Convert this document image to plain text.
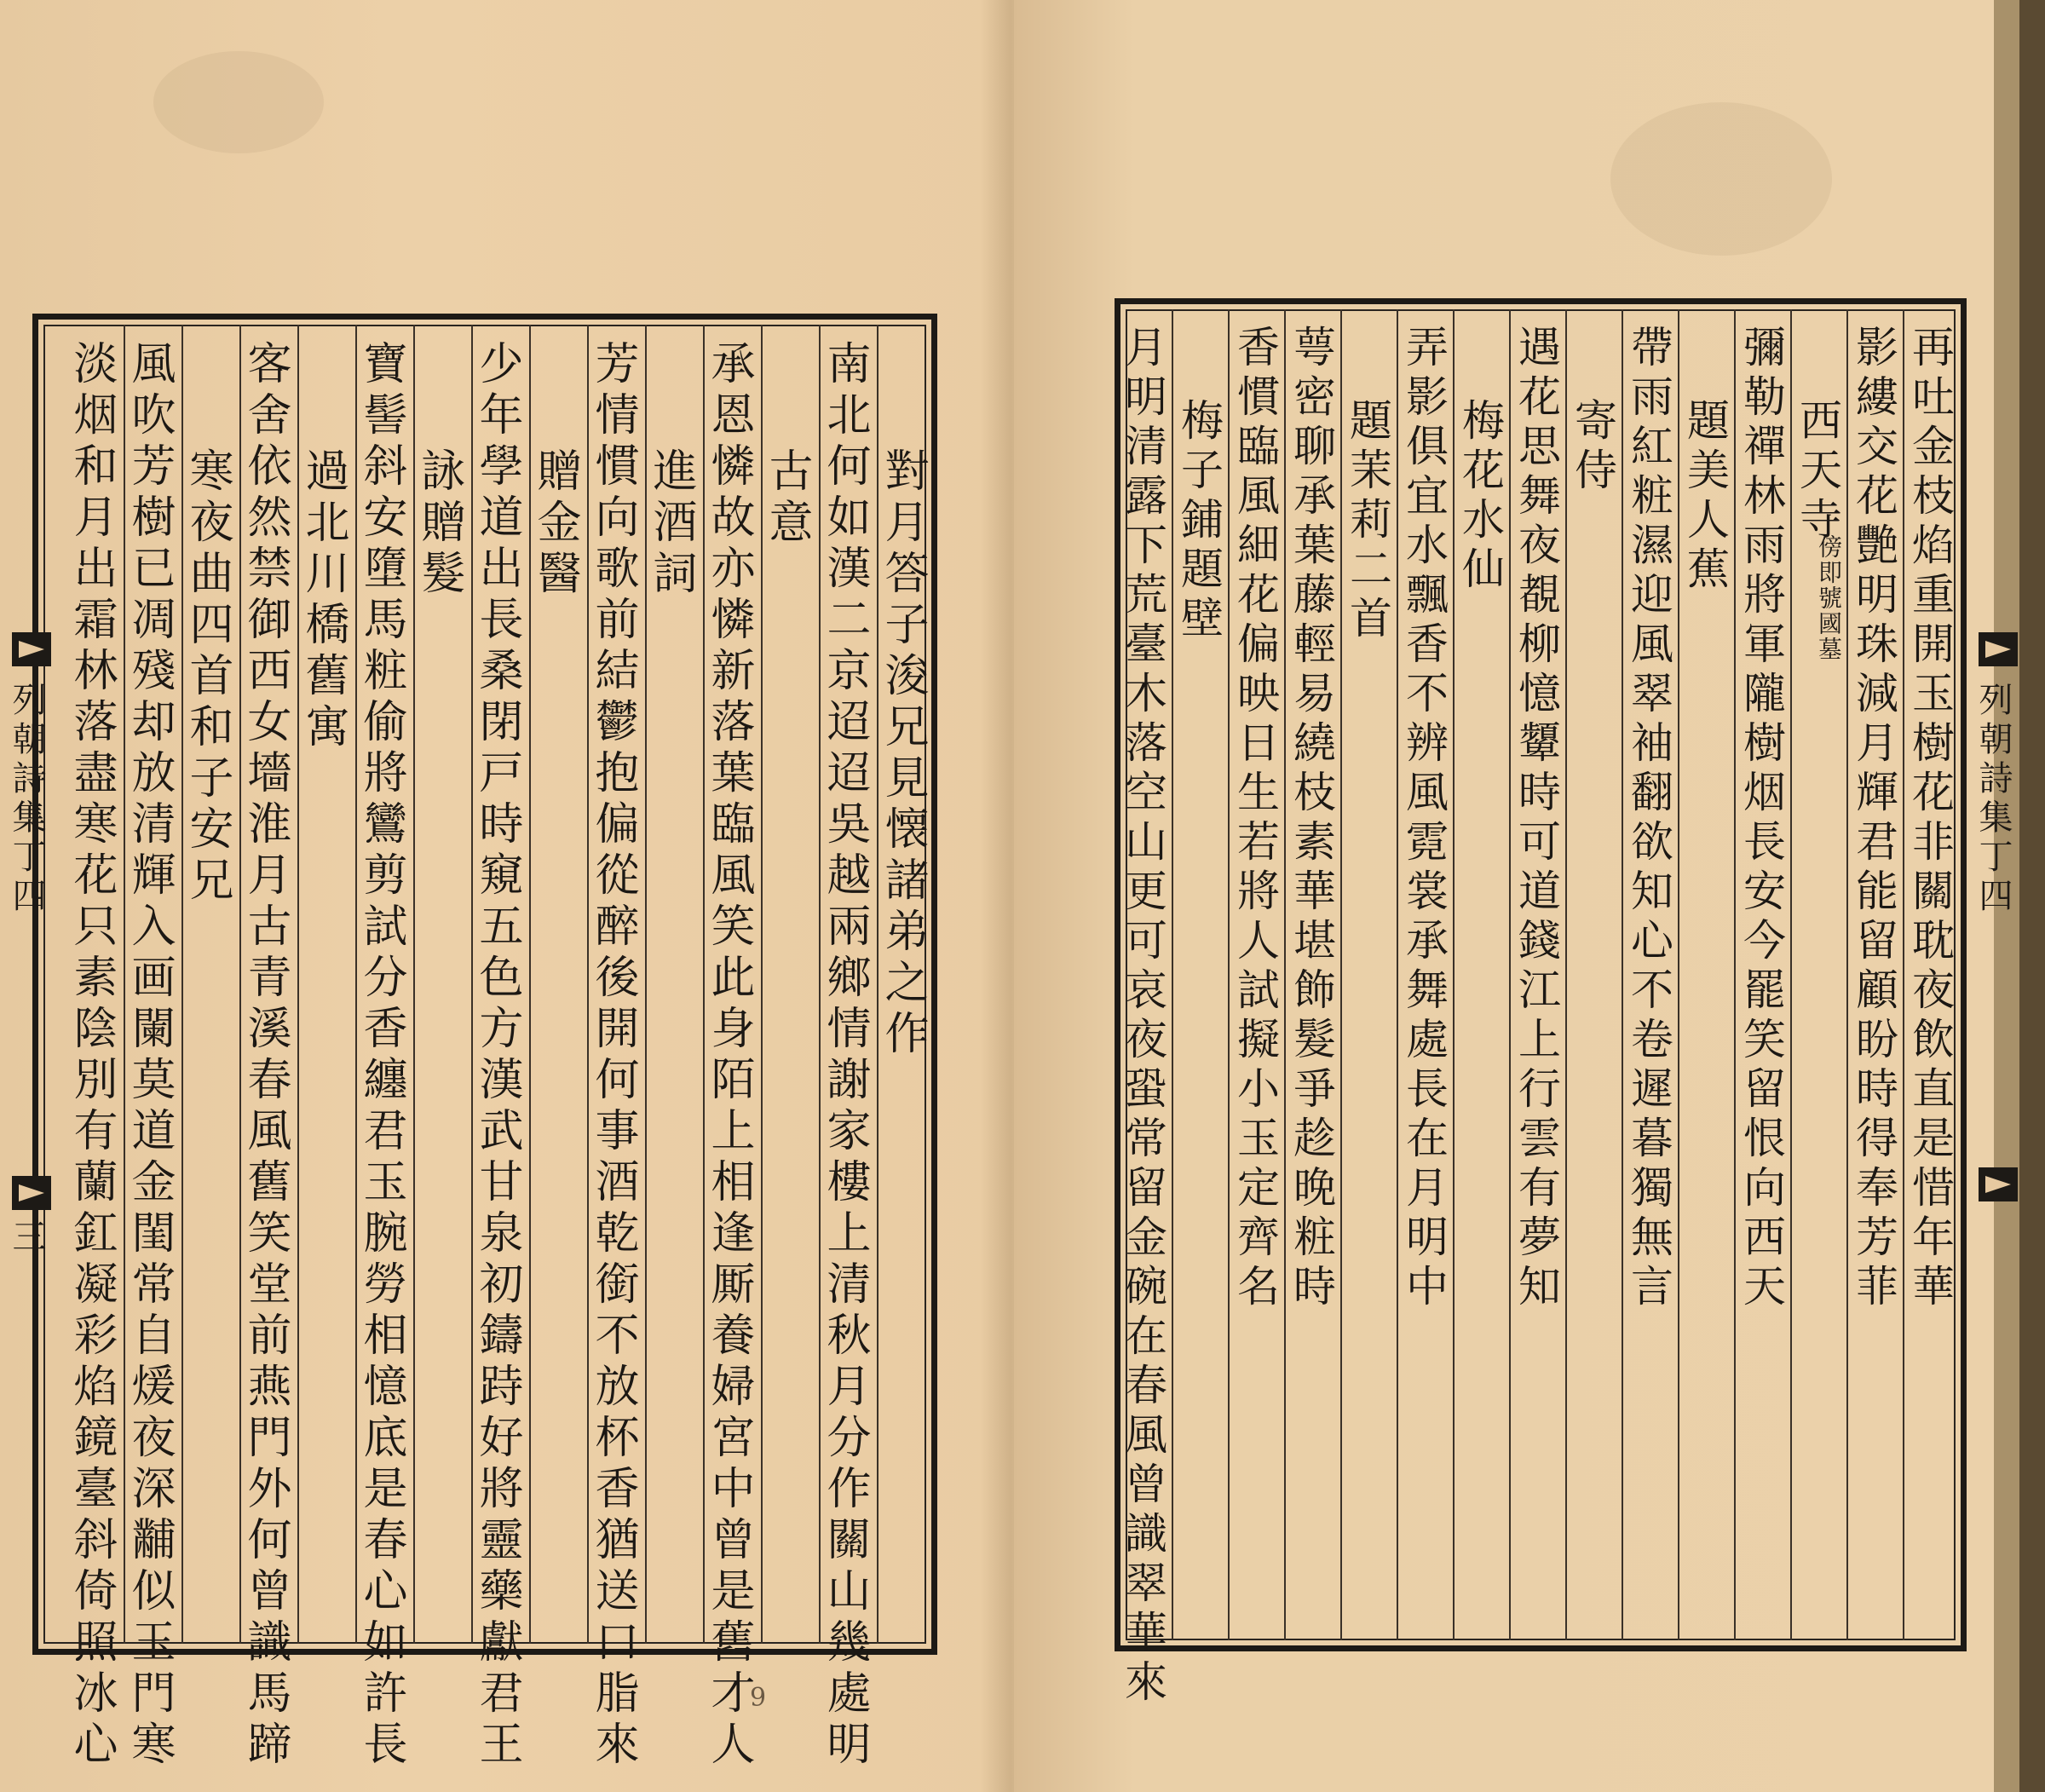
對月答子浚兄見懐諸弟之作
南北何如漢二京迢迢吳越兩鄉情謝家樓上清秋月分作關山幾處明
古意
承恩憐故亦憐新落葉臨風笑此身陌上相逢厮養婦宮中曾是舊才人
進酒詞
芳情慣向歌前結鬱抱偏從醉後開何事酒乾銜不放杯香猶送口脂來
贈金醫
少年學道出長桑閉戸時窺五色方漢武甘泉初鑄跱好將靈藥獻君王
詠贈髮
寶髻斜安墮馬粧偷將鸞剪試分香纏君玉腕勞相憶底是春心如許長
過北川橋舊寓
客舍依然禁御西女墻淮月古青溪春風舊笑堂前燕門外何曾識馬蹄
寒夜曲四首和子安兄
風吹芳樹已凋殘却放清輝入画闌莫道金閨常自煖夜深黼似玉門寒
淡烟和月出霜林落盡寒花只素陰別有蘭釭凝彩焰鏡臺斜倚照冰心
列朝詩集丁四
三
9
再吐金枝焰重開玉樹花非關耽夜飲直是惜年華
影縷交花艷明珠減月輝君能留顧盼時得奉芳菲
西天寺
彌勒禪林雨將軍隴樹烟長安今罷笑留恨向西天
題美人蕉
帶雨紅粧濕迎風翠袖翻欲知心不卷遲暮獨無言
寄侍
遇花思舞夜覩柳憶顰時可道錢江上行雲有夢知
梅花水仙
弄影俱宜水飄香不辨風霓裳承舞處長在月明中
題茉莉二首
萼密聊承葉藤輕易繞枝素華堪飾髮爭趁晚粧時
香慣臨風細花偏映日生若將人試擬小玉定齊名
梅子鋪題壁
月明清露下荒臺木落空山更可哀夜蛩常留金碗在春風曾識翠華來	傍即號國墓
列朝詩集丁四
